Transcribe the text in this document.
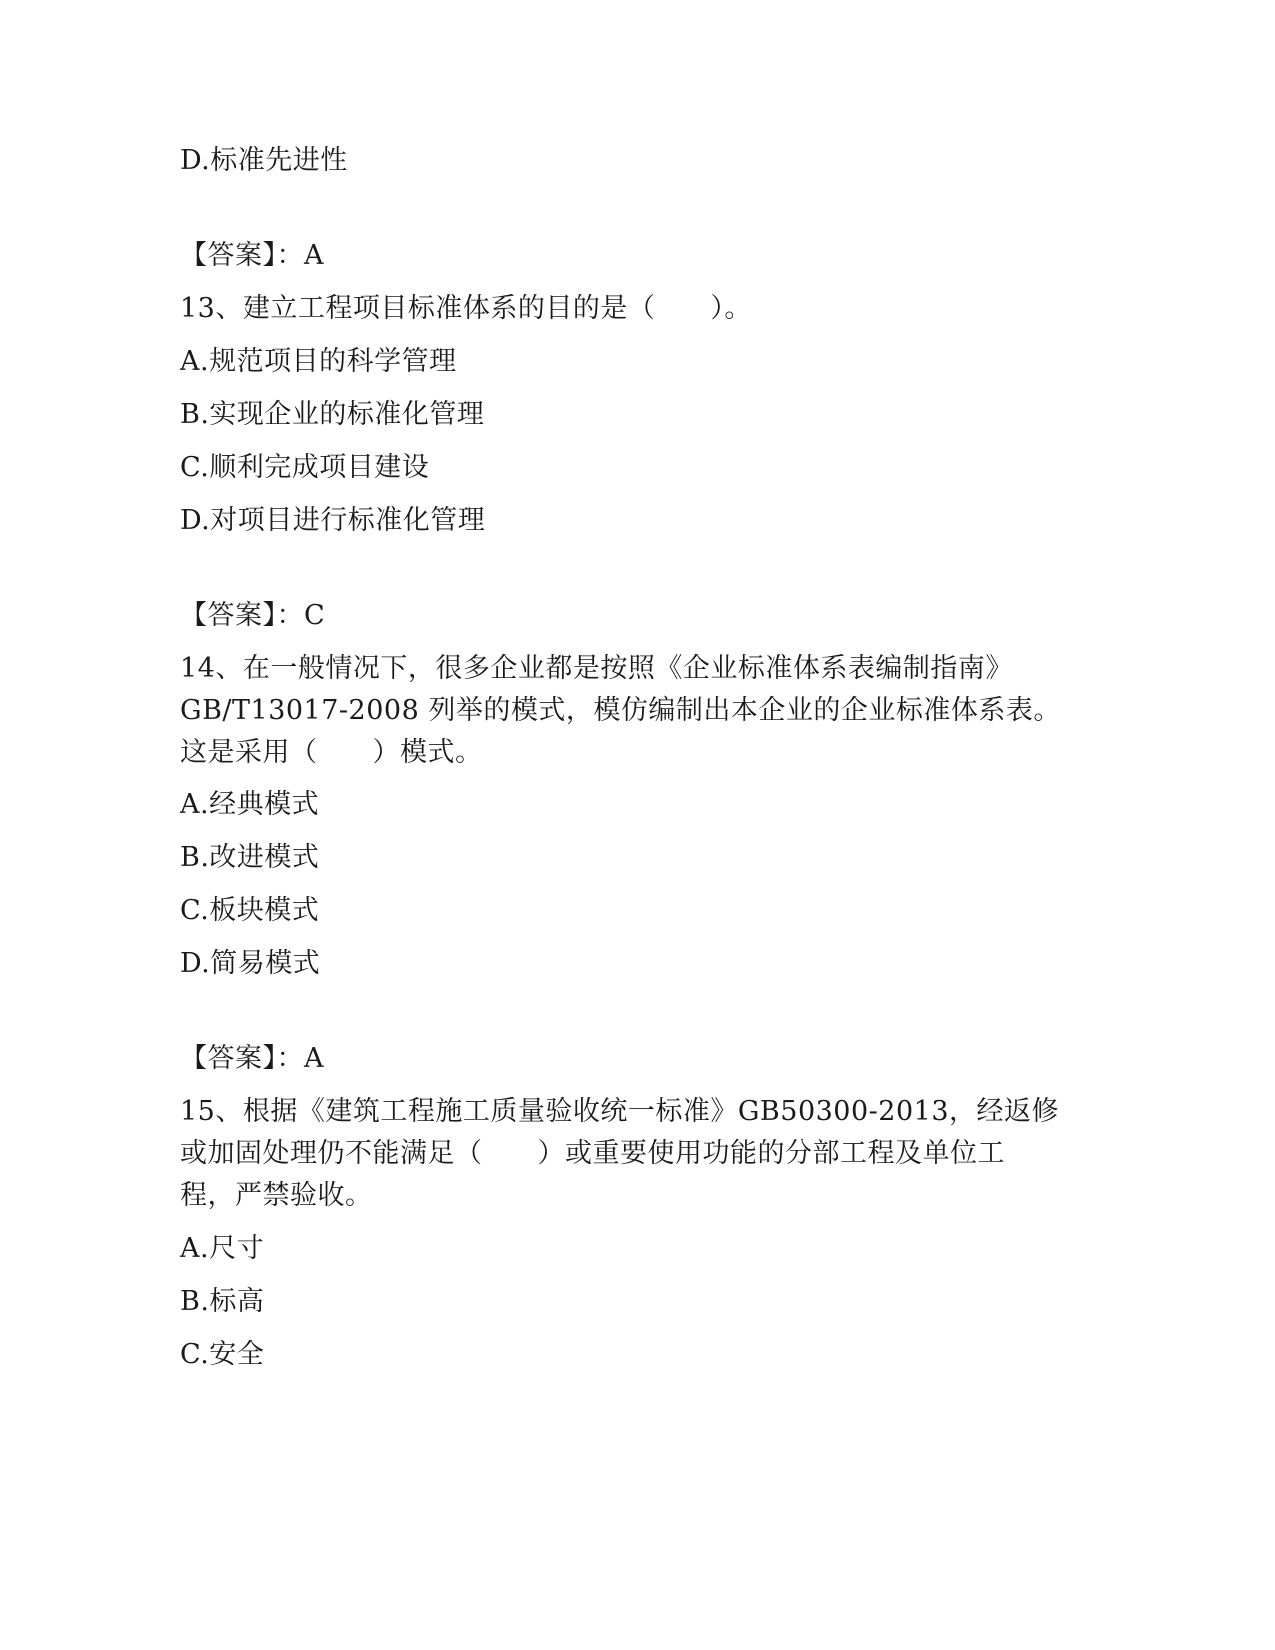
D.标准先进性
【答案】：A
13、建立工程项目标准体系的目的是（　　）。
A.规范项目的科学管理
B.实现企业的标准化管理
C.顺利完成项目建设
D.对项目进行标准化管理
【答案】：C
14、在一般情况下，很多企业都是按照《企业标准体系表编制指南》
GB/T13017-2008 列举的模式，模仿编制出本企业的企业标准体系表。
这是采用（　　）模式。
A.经典模式
B.改进模式
C.板块模式
D.简易模式
【答案】：A
15、根据《建筑工程施工质量验收统一标准》GB50300-2013，经返修
或加固处理仍不能满足（　　）或重要使用功能的分部工程及单位工
程，严禁验收。
A.尺寸
B.标高
C.安全
